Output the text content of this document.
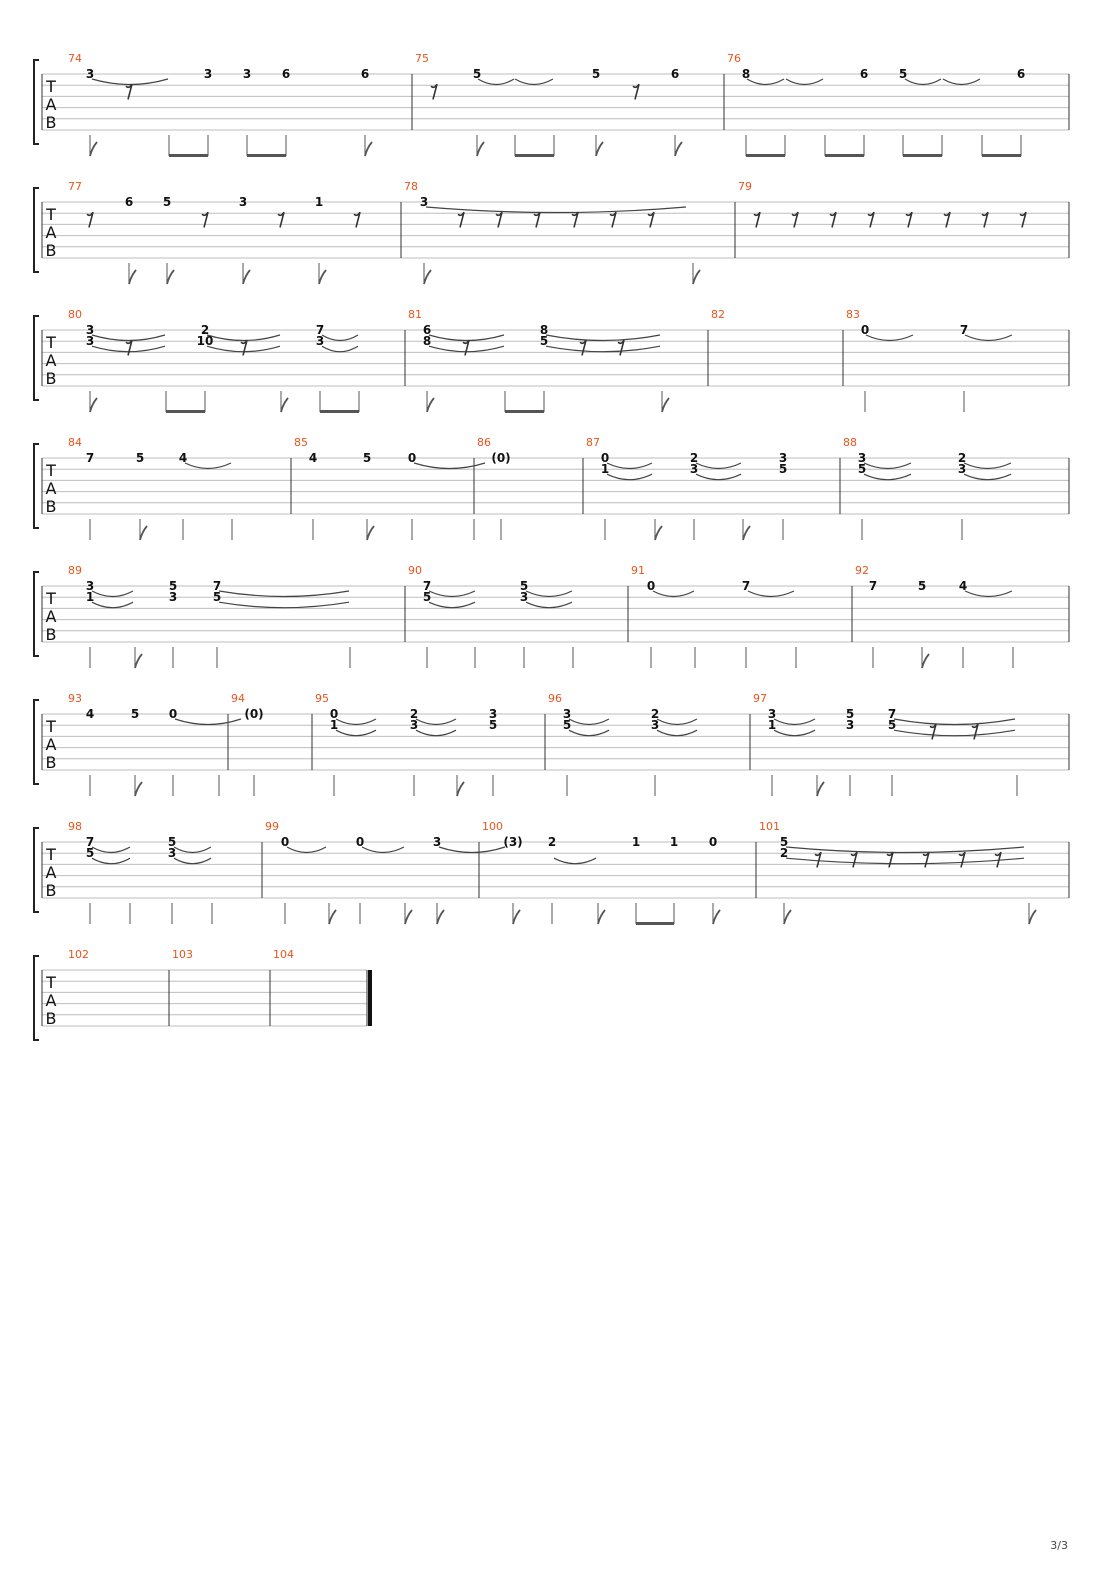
T
A
B
74
3	3	3	6	6
75
5	5	6
76
8	6	5	6
T
A
B
77
6 5	3	1
78
3
79
T
A
B
80
3
3
2
10
7
3
81
6
8
8
5
82	83
0	7
T
A
B
84
7	5	4
85
4	5	0
86
(0)
87
0
1
2
3
3
5
88
3
5
2
3
T
A
B
89
3
1
5
3
7
5
90
7
5
5
3
91
0	7
92
7	5	4
T
A
B
93
4	5 0
94
(0)
95
0
1
2
3
3
5
96
3
5
2
3
97
3
1
5
3
7
5
T
A
B
98
7
5
5
3
99
0	0	3
100
(3) 2	1 1	0
101
5
2
T
A
B
102	103	104
3/3
